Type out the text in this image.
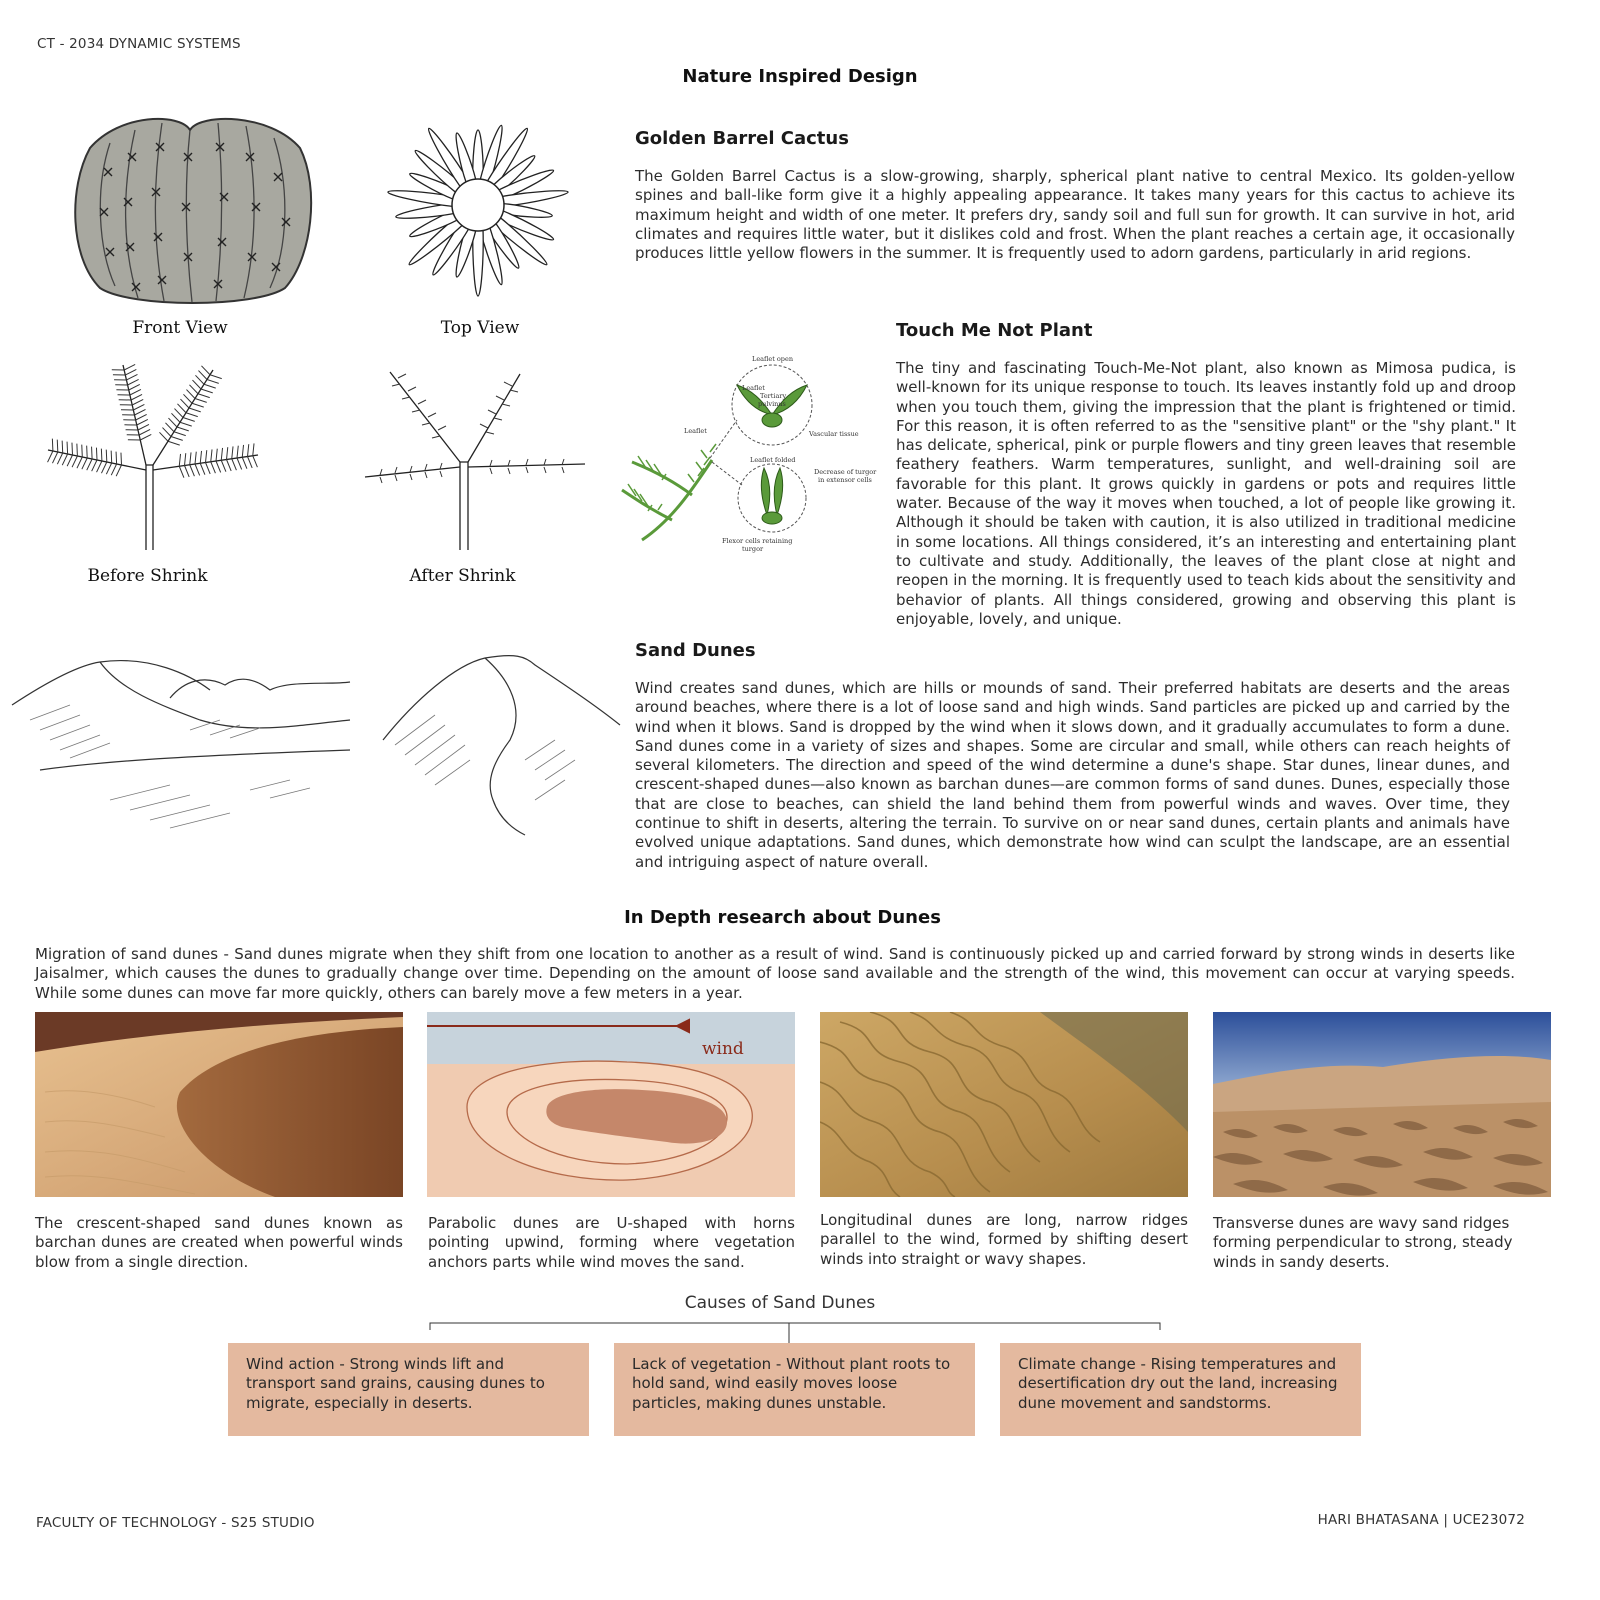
CT - 2034 DYNAMIC SYSTEMS
Nature Inspired Design
Front View	Top View
Golden Barrel Cactus
The Golden Barrel Cactus is a slow-growing, sharply, spherical plant native to central Mexico. Its golden-yellow spines and ball-like form give it a highly appealing appearance. It takes many years for this cactus to achieve its maximum height and width of one meter. It prefers dry, sandy soil and full sun for growth. It can survive in hot, arid climates and requires little water, but it dislikes cold and frost. When the plant reaches a certain age, it occasionally produces little yellow flowers in the summer. It is frequently used to adorn gardens, particularly in arid regions.
Before Shrink	After Shrink
Leaflet open
Leaflet
Tertiary
pulvinus
Vascular tissue
Leaflet
Leaflet folded
Decrease of turgor
in extensor cells
Flexor cells retaining
turgor
Touch Me Not Plant
The tiny and fascinating Touch-Me-Not plant, also known as Mimosa pudica, is well-known for its unique response to touch. Its leaves instantly fold up and droop when you touch them, giving the impression that the plant is frightened or timid. For this reason, it is often referred to as the "sensitive plant" or the "shy plant." It has delicate, spherical, pink or purple flowers and tiny green leaves that resemble feathery feathers. Warm temperatures, sunlight, and well-draining soil are favorable for this plant. It grows quickly in gardens or pots and requires little water. Because of the way it moves when touched, a lot of people like growing it. Although it should be taken with caution, it is also utilized in traditional medicine in some locations. All things considered, it’s an interesting and entertaining plant to cultivate and study. Additionally, the leaves of the plant close at night and reopen in the morning. It is frequently used to teach kids about the sensitivity and behavior of plants. All things considered, growing and observing this plant is enjoyable, lovely, and unique.
Sand Dunes
Wind creates sand dunes, which are hills or mounds of sand. Their preferred habitats are deserts and the areas around beaches, where there is a lot of loose sand and high winds. Sand particles are picked up and carried by the wind when it blows. Sand is dropped by the wind when it slows down, and it gradually accumulates to form a dune. Sand dunes come in a variety of sizes and shapes. Some are circular and small, while others can reach heights of several kilometers. The direction and speed of the wind determine a dune's shape. Star dunes, linear dunes, and crescent-shaped dunes—also known as barchan dunes—are common forms of sand dunes. Dunes, especially those that are close to beaches, can shield the land behind them from powerful winds and waves. Over time, they continue to shift in deserts, altering the terrain. To survive on or near sand dunes, certain plants and animals have evolved unique adaptations. Sand dunes, which demonstrate how wind can sculpt the landscape, are an essential and intriguing aspect of nature overall.
In Depth research about Dunes
Migration of sand dunes - Sand dunes migrate when they shift from one location to another as a result of wind. Sand is continuously picked up and carried forward by strong winds in deserts like Jaisalmer, which causes the dunes to gradually change over time. Depending on the amount of loose sand available and the strength of the wind, this movement can occur at varying speeds. While some dunes can move far more quickly, others can barely move a few meters in a year.
wind
The crescent-shaped sand dunes known as barchan dunes are created when powerful winds blow from a single direction.
Parabolic dunes are U-shaped with horns pointing upwind, forming where vegetation anchors parts while wind moves the sand.
Longitudinal dunes are long, narrow ridges parallel to the wind, formed by shifting desert winds into straight or wavy shapes.
Transverse dunes are wavy sand ridges forming perpendicular to strong, steady winds in sandy deserts.
Causes of Sand Dunes
Wind action - Strong winds lift and transport sand grains, causing dunes to migrate, especially in deserts.
Lack of vegetation - Without plant roots to hold sand, wind easily moves loose particles, making dunes unstable.
Climate change - Rising temperatures and desertification dry out the land, increasing dune movement and sandstorms.
FACULTY OF TECHNOLOGY - S25 STUDIO	HARI BHATASANA | UCE23072
